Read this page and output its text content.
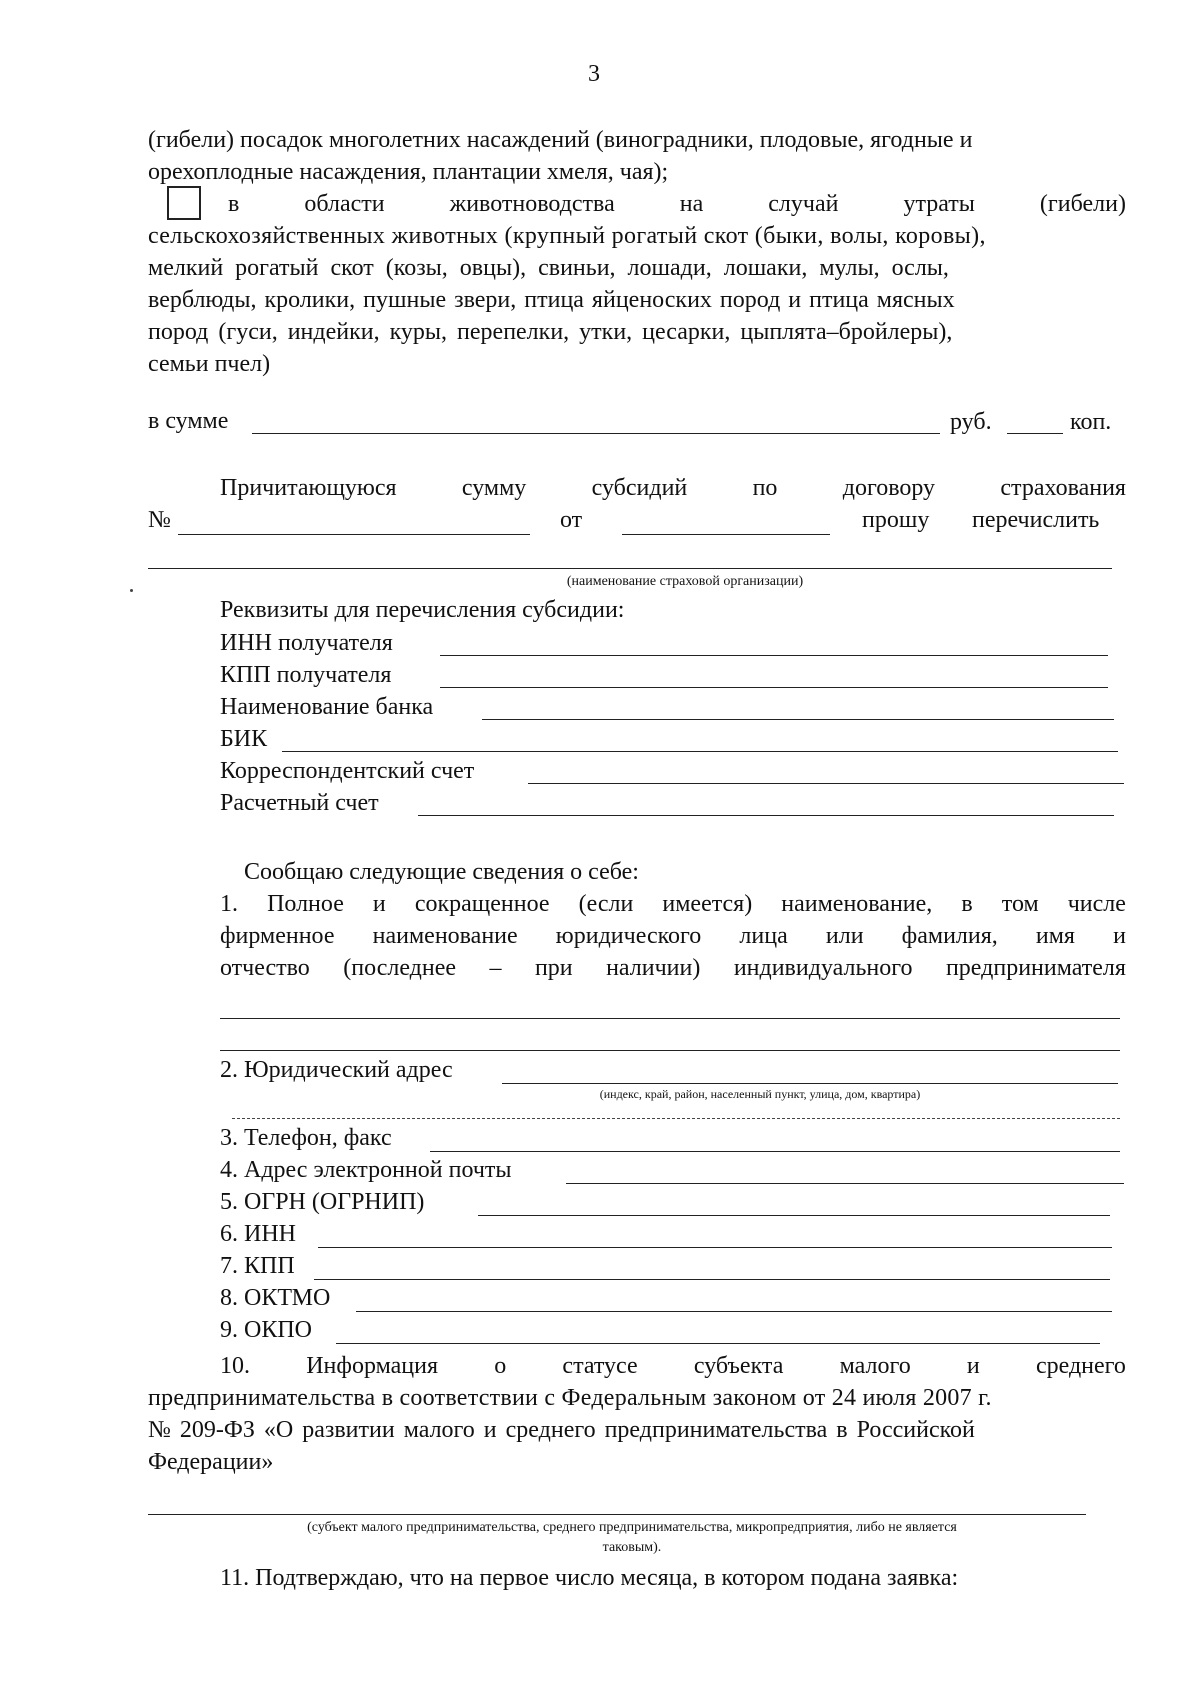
3
(гибели) посадок многолетних насаждений (виноградники, плодовые, ягодные и
орехоплодные насаждения, плантации хмеля, чая);
в	области	животноводства	на	случай	утраты	(гибели)
сельскохозяйственных животных (крупный рогатый скот (быки, волы, коровы),
мелкий рогатый скот (козы, овцы), свиньи, лошади, лошаки, мулы, ослы,
верблюды, кролики, пушные звери, птица яйценоских пород и птица мясных
пород (гуси, индейки, куры, перепелки, утки, цесарки, цыплята–бройлеры),
семьи пчел)
в сумме	руб.	коп.
Причитающуюся	сумму	субсидий	по	договору	страхования
№	от	прошу перечислить
(наименование страховой организации)
Реквизиты для перечисления субсидии:
ИНН получателя
КПП получателя
Наименование банка
БИК
Корреспондентский счет
Расчетный счет
Сообщаю следующие сведения о себе:
1. Полное и сокращенное (если имеется) наименование, в том числе
фирменное наименование юридического лица или фамилия, имя и
отчество (последнее – при наличии) индивидуального предпринимателя
2. Юридический адрес
(индекс, край, район, населенный пункт, улица, дом, квартира)
3. Телефон, факс
4. Адрес электронной почты
5. ОГРН (ОГРНИП)
6. ИНН
7. КПП
8. ОКТМО
9. ОКПО
10. Информация о статусе субъекта малого и среднего
предпринимательства в соответствии с Федеральным законом от 24 июля 2007 г.
№ 209-ФЗ «О развитии малого и среднего предпринимательства в Российской
Федерации»
(субъект малого предпринимательства, среднего предпринимательства, микропредприятия, либо не является
таковым).
11. Подтверждаю, что на первое число месяца, в котором подана заявка:
